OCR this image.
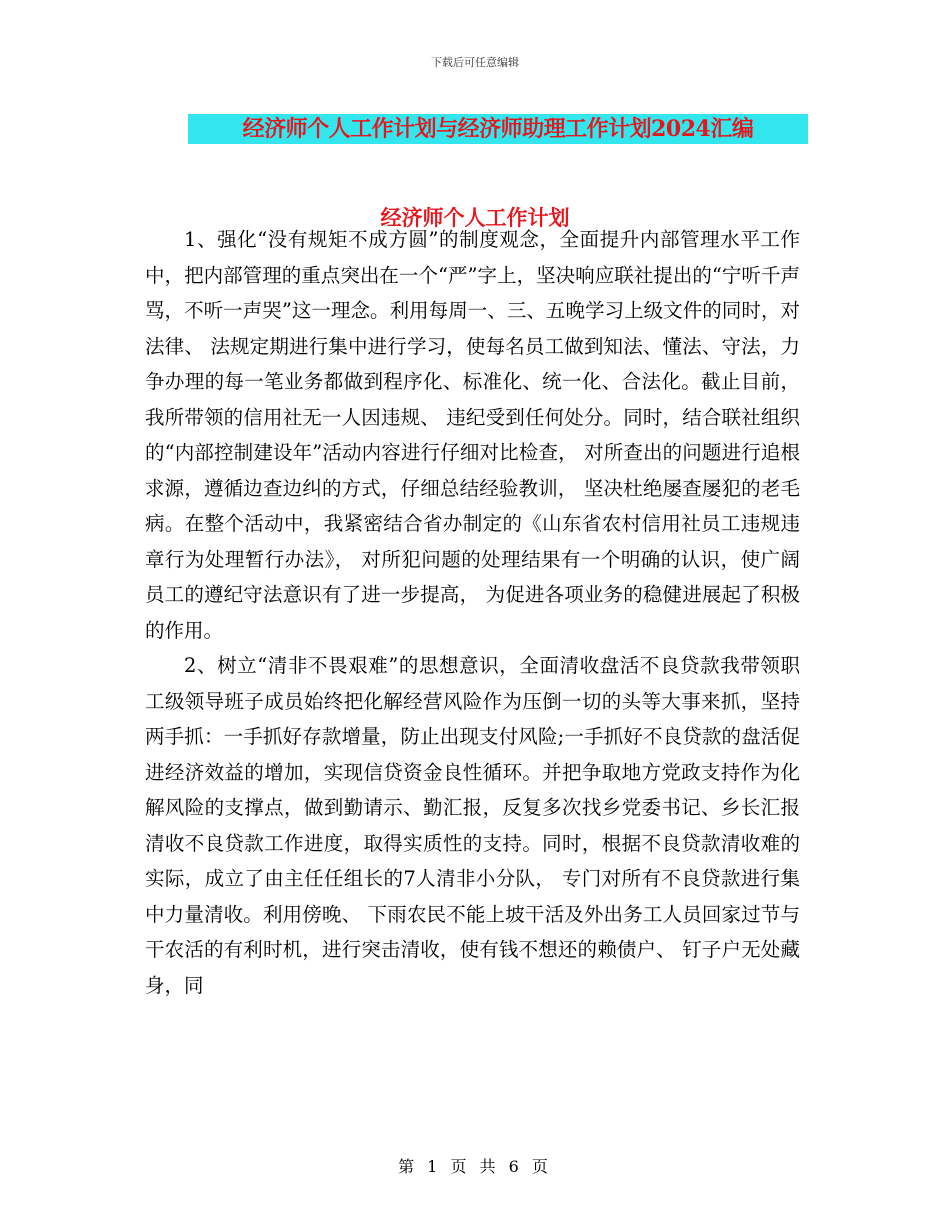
下载后可任意编辑
经济师个人工作计划与经济师助理工作计划2024汇编
经济师个人工作计划

1、强化“没有规矩不成方圆”的制度观念，全面提升内部管理水平工作中，把内部管理的重点突出在一个“严”字上，坚决响应联社提出的“宁听千声骂，不听一声哭”这一理念。利用每周一、三、五晚学习上级文件的同时，对法律、 法规定期进行集中进行学习，使每名员工做到知法、懂法、守法，力争办理的每一笔业务都做到程序化、标准化、统一化、合法化。截止目前，我所带领的信用社无一人因违规、 违纪受到任何处分。同时，结合联社组织的“内部控制建设年”活动内容进行仔细对比检查， 对所查出的问题进行追根求源，遵循边查边纠的方式，仔细总结经验教训， 坚决杜绝屡查屡犯的老毛病。在整个活动中，我紧密结合省办制定的《山东省农村信用社员工违规违章行为处理暂行办法》， 对所犯问题的处理结果有一个明确的认识，使广阔员工的遵纪守法意识有了进一步提高， 为促进各项业务的稳健进展起了积极的作用。

2、树立“清非不畏艰难”的思想意识，全面清收盘活不良贷款我带领职工级领导班子成员始终把化解经营风险作为压倒一切的头等大事来抓，坚持两手抓：一手抓好存款增量，防止出现支付风险;一手抓好不良贷款的盘活促进经济效益的增加，实现信贷资金良性循环。并把争取地方党政支持作为化解风险的支撑点，做到勤请示、勤汇报，反复多次找乡党委书记、乡长汇报清收不良贷款工作进度，取得实质性的支持。同时，根据不良贷款清收难的实际，成立了由主任任组长的7人清非小分队， 专门对所有不良贷款进行集中力量清收。利用傍晚、 下雨农民不能上坡干活及外出务工人员回家过节与干农活的有利时机，进行突击清收，使有钱不想还的赖债户、 钉子户无处藏身，同

第 1 页 共 6 页
